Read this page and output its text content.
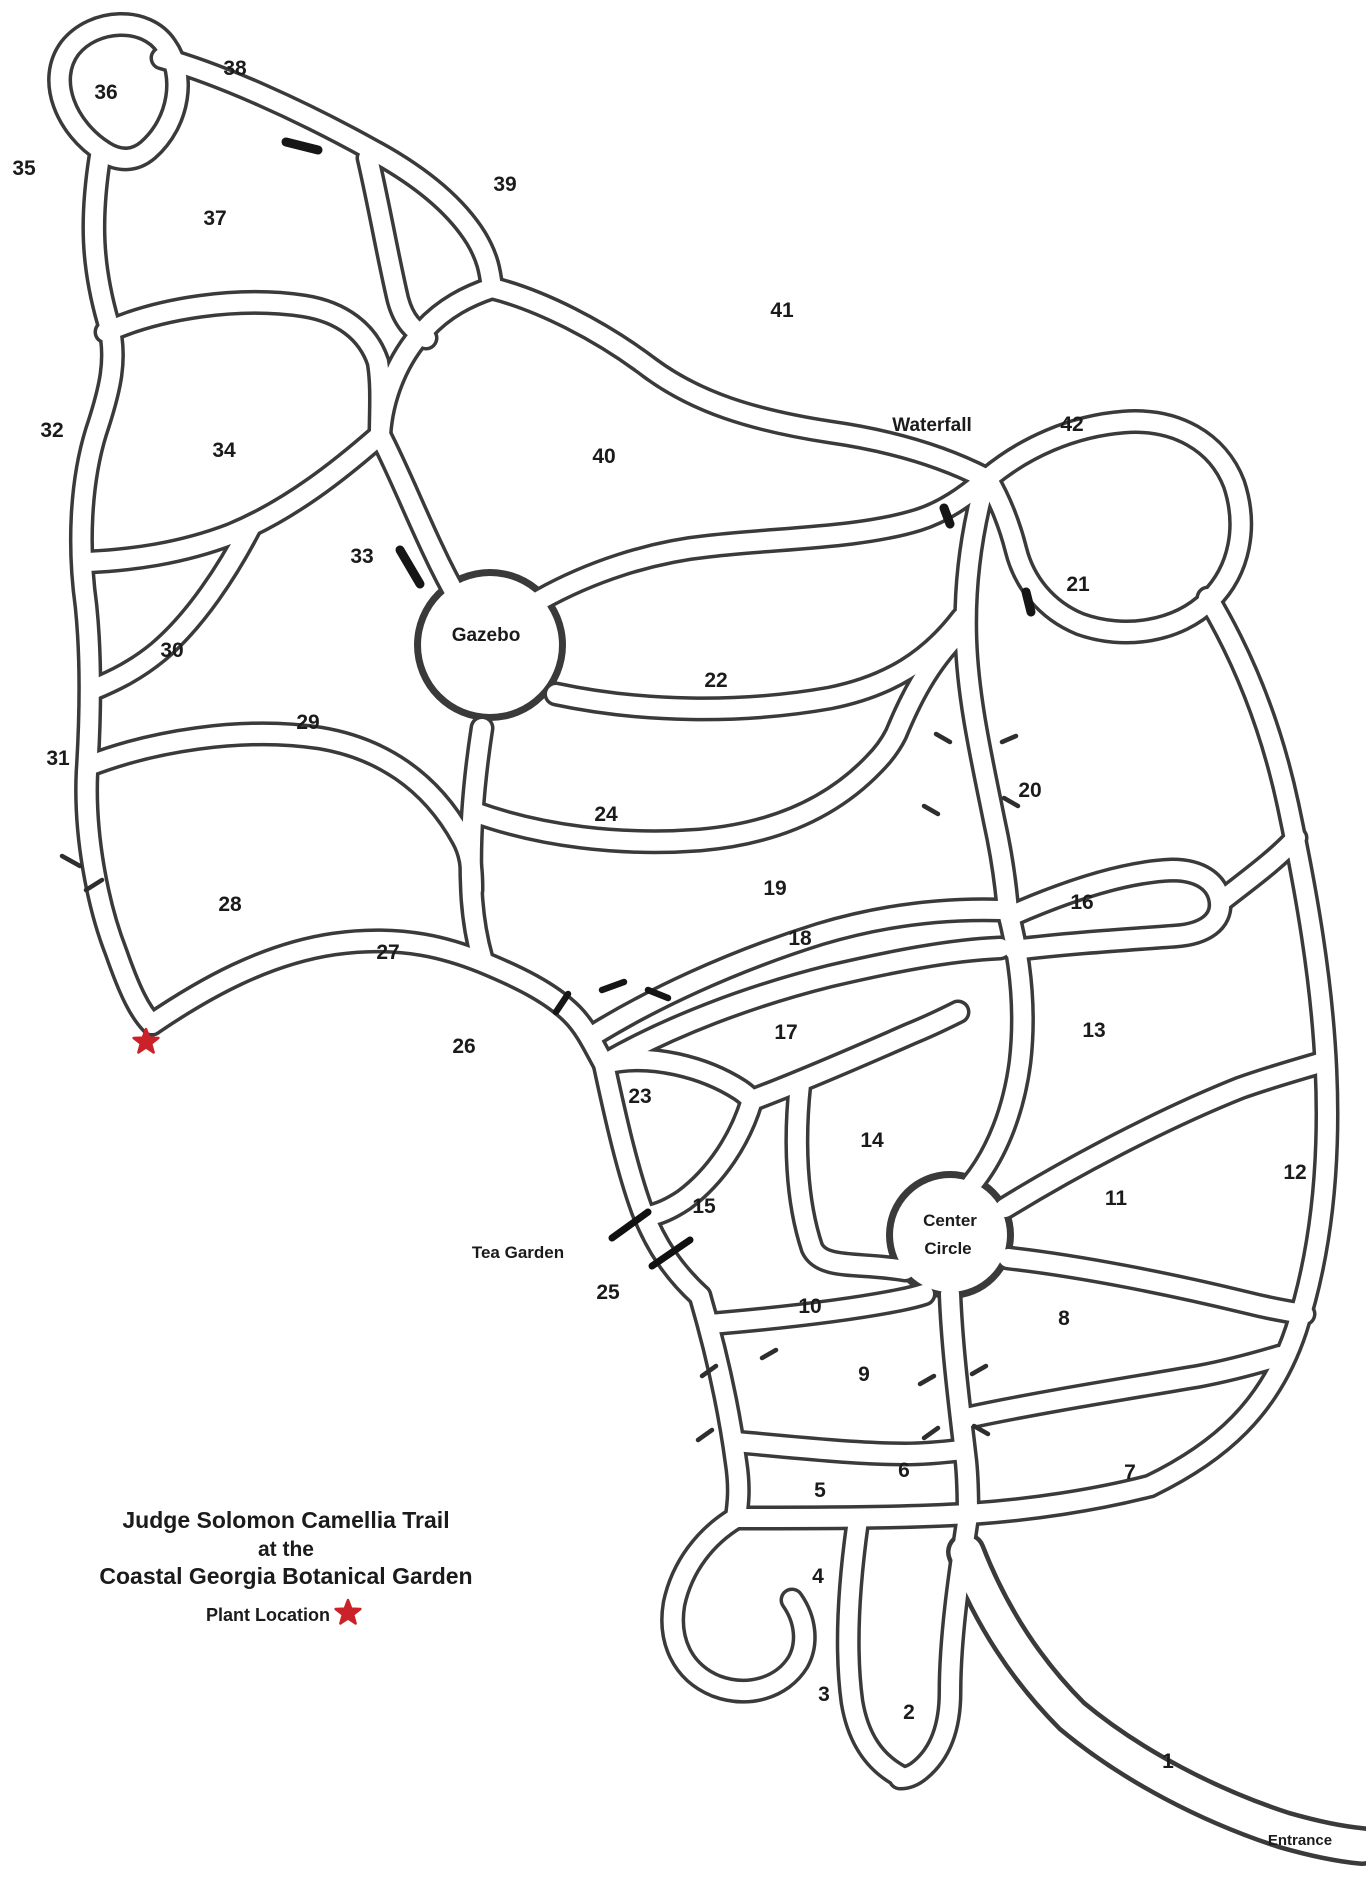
1
2
3
4
5
6	7
8
9
10
11
12
13
14
15
16
17
18
19
20
21
22
23
24
25
26
27
28
29
30
31
32
33
34
35
36
37
38
39
40
41
42
Gazebo
Waterfall
Center
Circle
Tea Garden
Entrance
Judge Solomon Camellia Trail
at the
Coastal Georgia Botanical Garden
Plant Location
